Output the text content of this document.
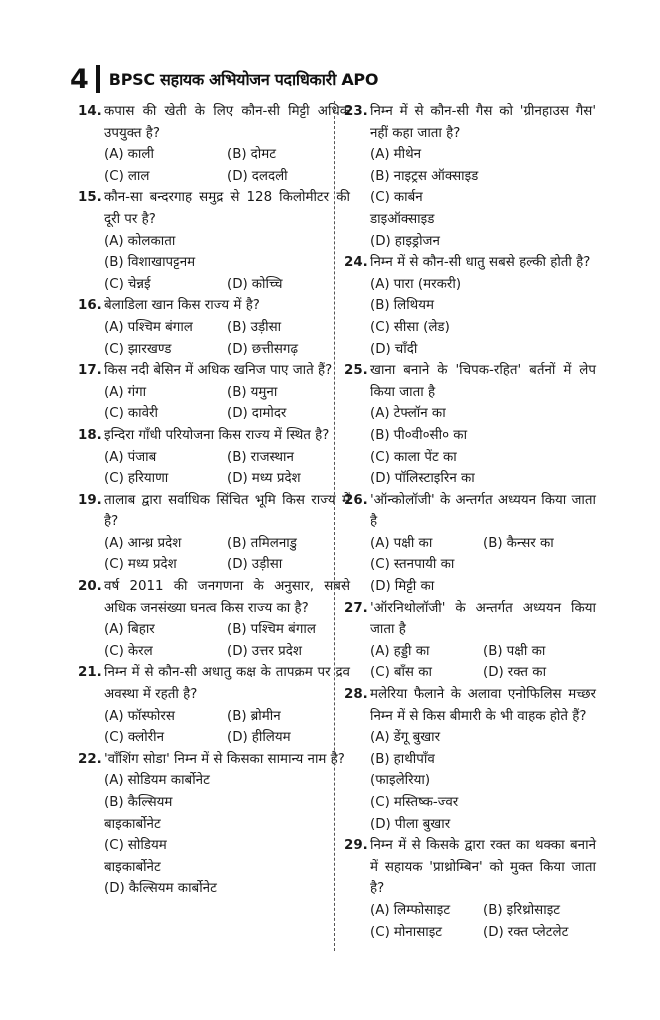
4 BPSC सहायक अभियोजन पदाधिकारी APO
14. कपास की खेती के लिए कौन-सी मिट्टी अधिक उपयुक्त है?
(A) काली	(B) दोमट
(C) लाल	(D) दलदली
15. कौन-सा बन्दरगाह समुद्र से 128 किलोमीटर की दूरी पर है?
(A) कोलकाता
(B) विशाखापट्टनम
(C) चेन्नई	(D) कोच्चि
16. बेलाडिला खान किस राज्य में है?
(A) पश्चिम बंगाल	(B) उड़ीसा
(C) झारखण्ड	(D) छत्तीसगढ़
17. किस नदी बेसिन में अधिक खनिज पाए जाते हैं?
(A) गंगा	(B) यमुना
(C) कावेरी	(D) दामोदर
18. इन्दिरा गाँधी परियोजना किस राज्य में स्थित है?
(A) पंजाब	(B) राजस्थान
(C) हरियाणा	(D) मध्य प्रदेश
19. तालाब द्वारा सर्वाधिक सिंचित भूमि किस राज्य में है?
(A) आन्ध्र प्रदेश	(B) तमिलनाडु
(C) मध्य प्रदेश	(D) उड़ीसा
20. वर्ष 2011 की जनगणना के अनुसार, सबसे अधिक जनसंख्या घनत्व किस राज्य का है?
(A) बिहार	(B) पश्चिम बंगाल
(C) केरल	(D) उत्तर प्रदेश
21. निम्न में से कौन-सी अधातु कक्ष के तापक्रम पर द्रव अवस्था में रहती है?
(A) फॉस्फोरस	(B) ब्रोमीन
(C) क्लोरीन	(D) हीलियम
22. 'वाँशिंग सोडा' निम्न में से किसका सामान्य नाम है?
(A) सोडियम कार्बोनेट
(B) कैल्सियम बाइकार्बोनेट
(C) सोडियम बाइकार्बोनेट
(D) कैल्सियम कार्बोनेट
23. निम्न में से कौन-सी गैस को 'ग्रीनहाउस गैस' नहीं कहा जाता है?
(A) मीथेन
(B) नाइट्रस ऑक्साइड
(C) कार्बन डाइऑक्साइड
(D) हाइड्रोजन
24. निम्न में से कौन-सी धातु सबसे हल्की होती है?
(A) पारा (मरकरी)
(B) लिथियम
(C) सीसा (लेड)
(D) चाँदी
25. खाना बनाने के 'चिपक-रहित' बर्तनों में लेप किया जाता है
(A) टेफ्लॉन का
(B) पी०वी०सी० का
(C) काला पेंट का
(D) पॉलिस्टाइरिन का
26. 'ऑन्कोलॉजी' के अन्तर्गत अध्ययन किया जाता है
(A) पक्षी का	(B) कैन्सर का
(C) स्तनपायी का
(D) मिट्टी का
27. 'ऑरनिथोलॉजी' के अन्तर्गत अध्ययन किया जाता है
(A) हड्डी का	(B) पक्षी का
(C) बाँस का	(D) रक्त का
28. मलेरिया फैलाने के अलावा एनोफिलिस मच्छर निम्न में से किस बीमारी के भी वाहक होते हैं?
(A) डेंगू बुखार
(B) हाथीपाँव (फाइलेरिया)
(C) मस्तिष्क-ज्वर
(D) पीला बुखार
29. निम्न में से किसके द्वारा रक्त का थक्का बनाने में सहायक 'प्राथ्रोम्बिन' को मुक्त किया जाता है?
(A) लिम्फोसाइट	(B) इरिथ्रोसाइट
(C) मोनासाइट	(D) रक्त प्लेटलेट
